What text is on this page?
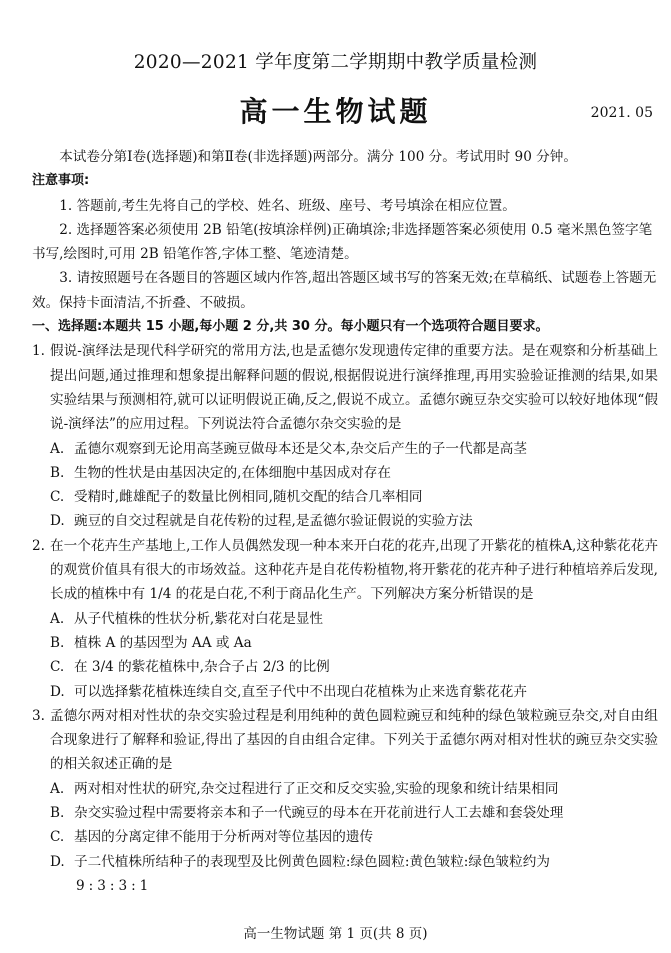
2020—2021 学年度第二学期期中教学质量检测
高一生物试题	2021. 05

本试卷分第Ⅰ卷(选择题)和第Ⅱ卷(非选择题)两部分。满分 100 分。考试用时 90 分钟。

注意事项:

1. 答题前,考生先将自己的学校、姓名、班级、座号、考号填涂在相应位置。

2. 选择题答案必须使用 2B 铅笔(按填涂样例)正确填涂;非选择题答案必须使用 0.5 毫米黑色签字笔书写,绘图时,可用 2B 铅笔作答,字体工整、笔迹清楚。

3. 请按照题号在各题目的答题区域内作答,超出答题区域书写的答案无效;在草稿纸、试题卷上答题无效。保持卡面清洁,不折叠、不破损。

一、选择题:本题共 15 小题,每小题 2 分,共 30 分。每小题只有一个选项符合题目要求。

1. 假说-演绎法是现代科学研究的常用方法,也是孟德尔发现遗传定律的重要方法。是在观察和分析基础上提出问题,通过推理和想象提出解释问题的假说,根据假说进行演绎推理,再用实验验证推测的结果,如果实验结果与预测相符,就可以证明假说正确,反之,假说不成立。孟德尔豌豆杂交实验可以较好地体现“假说-演绎法”的应用过程。下列说法符合孟德尔杂交实验的是
A. 孟德尔观察到无论用高茎豌豆做母本还是父本,杂交后产生的子一代都是高茎
B. 生物的性状是由基因决定的,在体细胞中基因成对存在
C. 受精时,雌雄配子的数量比例相同,随机交配的结合几率相同
D. 豌豆的自交过程就是自花传粉的过程,是孟德尔验证假说的实验方法
2. 在一个花卉生产基地上,工作人员偶然发现一种本来开白花的花卉,出现了开紫花的植株A,这种紫花花卉的观赏价值具有很大的市场效益。这种花卉是自花传粉植物,将开紫花的花卉种子进行种植培养后发现,长成的植株中有 1/4 的花是白花,不利于商品化生产。下列解决方案分析错误的是
A. 从子代植株的性状分析,紫花对白花是显性
B. 植株 A 的基因型为 AA 或 Aa
C. 在 3/4 的紫花植株中,杂合子占 2/3 的比例
D. 可以选择紫花植株连续自交,直至子代中不出现白花植株为止来选育紫花花卉
3. 孟德尔两对相对性状的杂交实验过程是利用纯种的黄色圆粒豌豆和纯种的绿色皱粒豌豆杂交,对自由组合现象进行了解释和验证,得出了基因的自由组合定律。下列关于孟德尔两对相对性状的豌豆杂交实验的相关叙述正确的是
A. 两对相对性状的研究,杂交过程进行了正交和反交实验,实验的现象和统计结果相同
B. 杂交实验过程中需要将亲本和子一代豌豆的母本在开花前进行人工去雄和套袋处理
C. 基因的分离定律不能用于分析两对等位基因的遗传
D. 子二代植株所结种子的表现型及比例黄色圆粒:绿色圆粒:黄色皱粒:绿色皱粒约为

9:3:3:1

高一生物试题 第 1 页(共 8 页)
